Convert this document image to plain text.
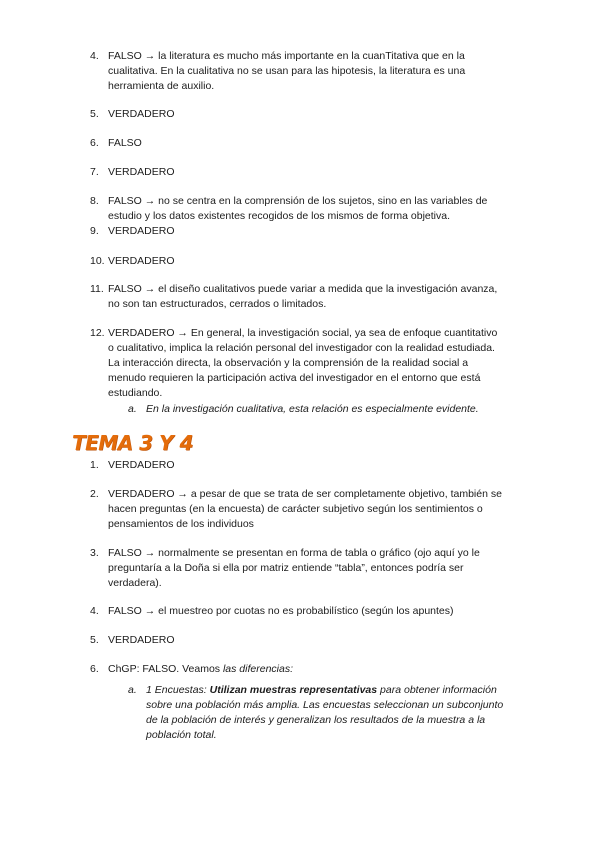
4. FALSO → la literatura es mucho más importante en la cuanTitativa que en la
cualitativa. En la cualitativa no se usan para las hipotesis, la literatura es una
herramienta de auxilio.
5. VERDADERO
6. FALSO
7. VERDADERO
8. FALSO → no se centra en la comprensión de los sujetos, sino en las variables de
estudio y los datos existentes recogidos de los mismos de forma objetiva.
9. VERDADERO
10. VERDADERO
11. FALSO → el diseño cualitativos puede variar a medida que la investigación avanza,
no son tan estructurados, cerrados o limitados.
12. VERDADERO → En general, la investigación social, ya sea de enfoque cuantitativo
o cualitativo, implica la relación personal del investigador con la realidad estudiada.
La interacción directa, la observación y la comprensión de la realidad social a
menudo requieren la participación activa del investigador en el entorno que está
estudiando.
a. En la investigación cualitativa, esta relación es especialmente evidente.
TEMA 3 Y 4
1. VERDADERO
2. VERDADERO → a pesar de que se trata de ser completamente objetivo, también se
hacen preguntas (en la encuesta) de carácter subjetivo según los sentimientos o
pensamientos de los individuos
3. FALSO → normalmente se presentan en forma de tabla o gráfico (ojo aquí yo le
preguntaría a la Doña si ella por matriz entiende “tabla”, entonces podría ser
verdadera).
4. FALSO → el muestreo por cuotas no es probabilístico (según los apuntes)
5. VERDADERO
6. ChGP: FALSO. Veamos las diferencias:
a. 1 Encuestas: Utilizan muestras representativas para obtener información
sobre una población más amplia. Las encuestas seleccionan un subconjunto
de la población de interés y generalizan los resultados de la muestra a la
población total.
